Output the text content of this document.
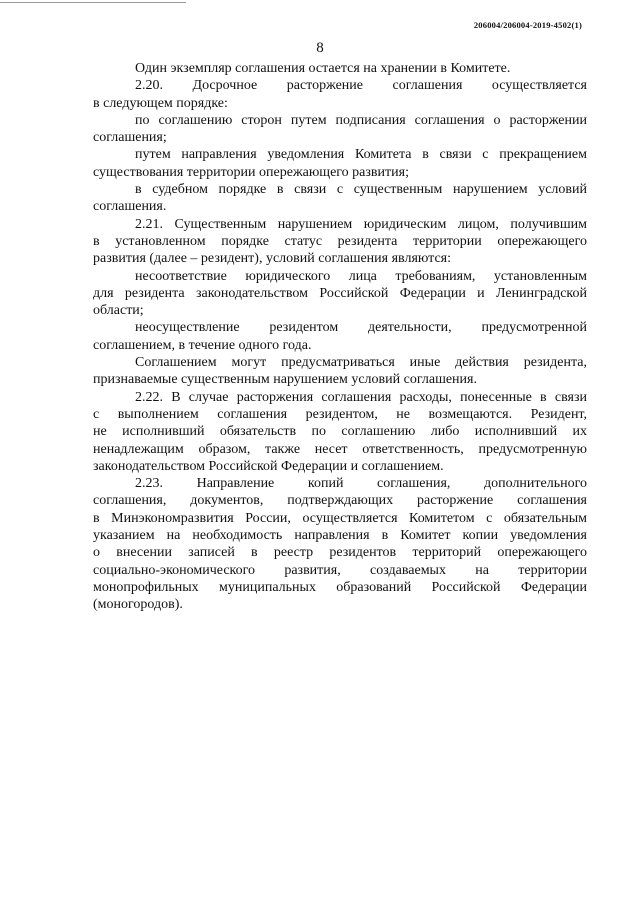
206004/206004-2019-4502(1)
8
Один экземпляр соглашения остается на хранении в Комитете.
2.20. Досрочное расторжение соглашения осуществляется
в следующем порядке:
по соглашению сторон путем подписания соглашения о расторжении
соглашения;
путем направления уведомления Комитета в связи с прекращением
существования территории опережающего развития;
в судебном порядке в связи с существенным нарушением условий
соглашения.
2.21. Существенным нарушением юридическим лицом, получившим
в установленном порядке статус резидента территории опережающего
развития (далее – резидент), условий соглашения являются:
несоответствие юридического лица требованиям, установленным
для резидента законодательством Российской Федерации и Ленинградской
области;
неосуществление резидентом деятельности, предусмотренной
соглашением, в течение одного года.
Соглашением могут предусматриваться иные действия резидента,
признаваемые существенным нарушением условий соглашения.
2.22. В случае расторжения соглашения расходы, понесенные в связи
с выполнением соглашения резидентом, не возмещаются. Резидент,
не исполнивший обязательств по соглашению либо исполнивший их
ненадлежащим образом, также несет ответственность, предусмотренную
законодательством Российской Федерации и соглашением.
2.23. Направление копий соглашения, дополнительного
соглашения, документов, подтверждающих расторжение соглашения
в Минэкономразвития России, осуществляется Комитетом с обязательным
указанием на необходимость направления в Комитет копии уведомления
о внесении записей в реестр резидентов территорий опережающего
социально-экономического развития, создаваемых на территории
монопрофильных муниципальных образований Российской Федерации
(моногородов).
